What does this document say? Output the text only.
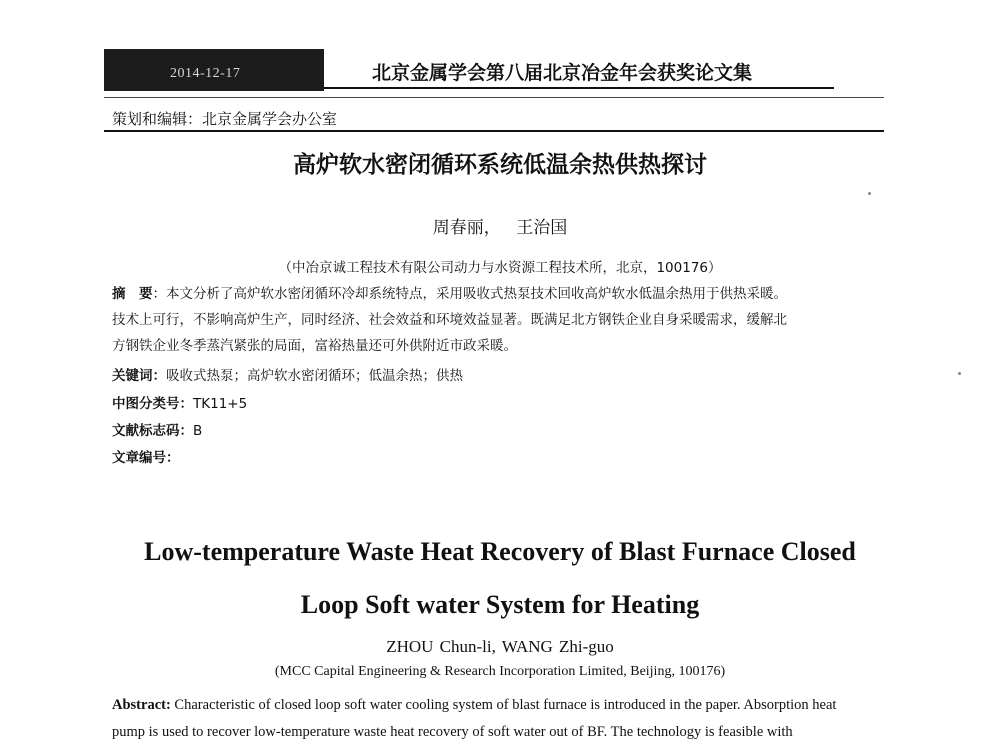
2014-12-17	北京金属学会第八届北京冶金年会获奖论文集
策划和编辑：北京金属学会办公室
高炉软水密闭循环系统低温余热供热探讨
周春丽， 王治国
（中冶京诚工程技术有限公司动力与水资源工程技术所，北京，100176）
摘　要：本文分析了高炉软水密闭循环冷却系统特点，采用吸收式热泵技术回收高炉软水低温余热用于供热采暖。
技术上可行，不影响高炉生产，同时经济、社会效益和环境效益显著。既满足北方钢铁企业自身采暖需求，缓解北
方钢铁企业冬季蒸汽紧张的局面，富裕热量还可外供附近市政采暖。
关键词：吸收式热泵；高炉软水密闭循环；低温余热；供热
中图分类号：TK11+5
文献标志码：B
文章编号：
Low-temperature Waste Heat Recovery of Blast Furnace Closed
Loop Soft water System for Heating
ZHOU Chun-li, WANG Zhi-guo
(MCC Capital Engineering & Research Incorporation Limited, Beijing, 100176)
Abstract: Characteristic of closed loop soft water cooling system of blast furnace is introduced in the paper. Absorption heat
pump is used to recover low-temperature waste heat recovery of soft water out of BF. The technology is feasible with
